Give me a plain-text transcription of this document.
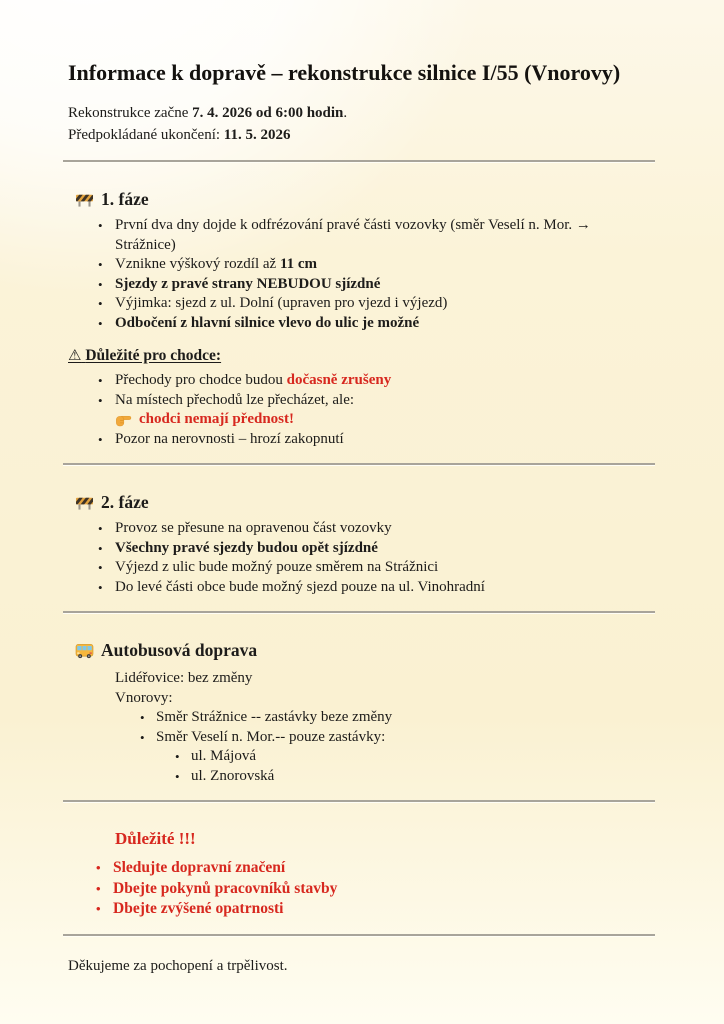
Informace k dopravě – rekonstrukce silnice I/55 (Vnorovy)

Rekonstrukce začne 7. 4. 2026 od 6:00 hodin.

Předpokládané ukončení: 11. 5. 2026

1. fáze
• První dva dny dojde k odfrézování pravé části vozovky (směr Veselí n. Mor. → Strážnice)
• Vznikne výškový rozdíl až 11 cm
• Sjezdy z pravé strany NEBUDOU sjízdné
• Výjimka: sjezd z ul. Dolní (upraven pro vjezd i výjezd)
• Odbočení z hlavní silnice vlevo do ulic je možné

⚠ Důležité pro chodce:

• Přechody pro chodce budou dočasně zrušeny
• Na místech přechodů lze přecházet, ale:
chodci nemají přednost!
• Pozor na nerovnosti – hrozí zakopnutí
2. fáze
• Provoz se přesune na opravenou část vozovky
• Všechny pravé sjezdy budou opět sjízdné
• Výjezd z ulic bude možný pouze směrem na Strážnici
• Do levé části obce bude možný sjezd pouze na ul. Vinohradní
Autobusová doprava

Lidéřovice: bez změny

Vnorovy:

• Směr Strážnice -- zastávky beze změny
• Směr Veselí n. Mor.-- pouze zastávky:
• ul. Májová
• ul. Znorovská

Důležité !!!

• Sledujte dopravní značení
• Dbejte pokynů pracovníků stavby
• Dbejte zvýšené opatrnosti

Děkujeme za pochopení a trpělivost.
